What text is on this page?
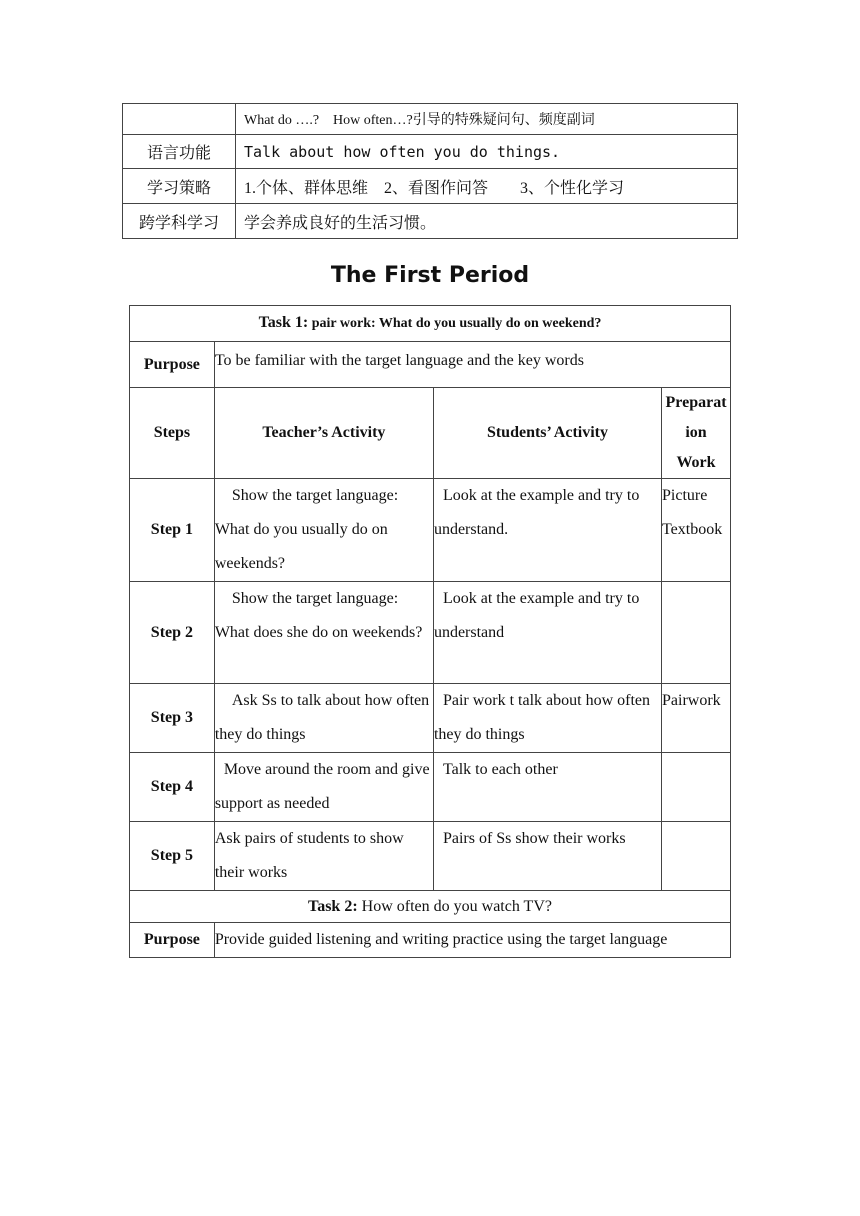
	What do ….?　How often…?引导的特殊疑问句、频度副词
语言功能	Talk about how often you do things.
学习策略	1.个体、群体思维　2、看图作问答　　3、个性化学习
跨学科学习	学会养成良好的生活习惯。
The First Period
Task 1: pair work: What do you usually do on weekend?			
Purpose	To be familiar with the target language and the key words		
Steps	Teacher’s Activity	Students’ Activity	Preparat
ion
Work

Step 1	Show the target language: What do you usually do on weekends?	Look at the example and try to understand.	Picture
Textbook

Step 2	Show the target language: What does she do on weekends?	Look at the example and try to understand	

Step 3	Ask Ss to talk about how often they do things	Pair work t talk about how often they do things	Pairwork

Step 4	Move around the room and give support as needed	Talk to each other	

Step 5	Ask pairs of students to show their works	Pairs of Ss show their works	

Task 2: How often do you watch TV?			
Purpose	Provide guided listening and writing practice using the target language		
